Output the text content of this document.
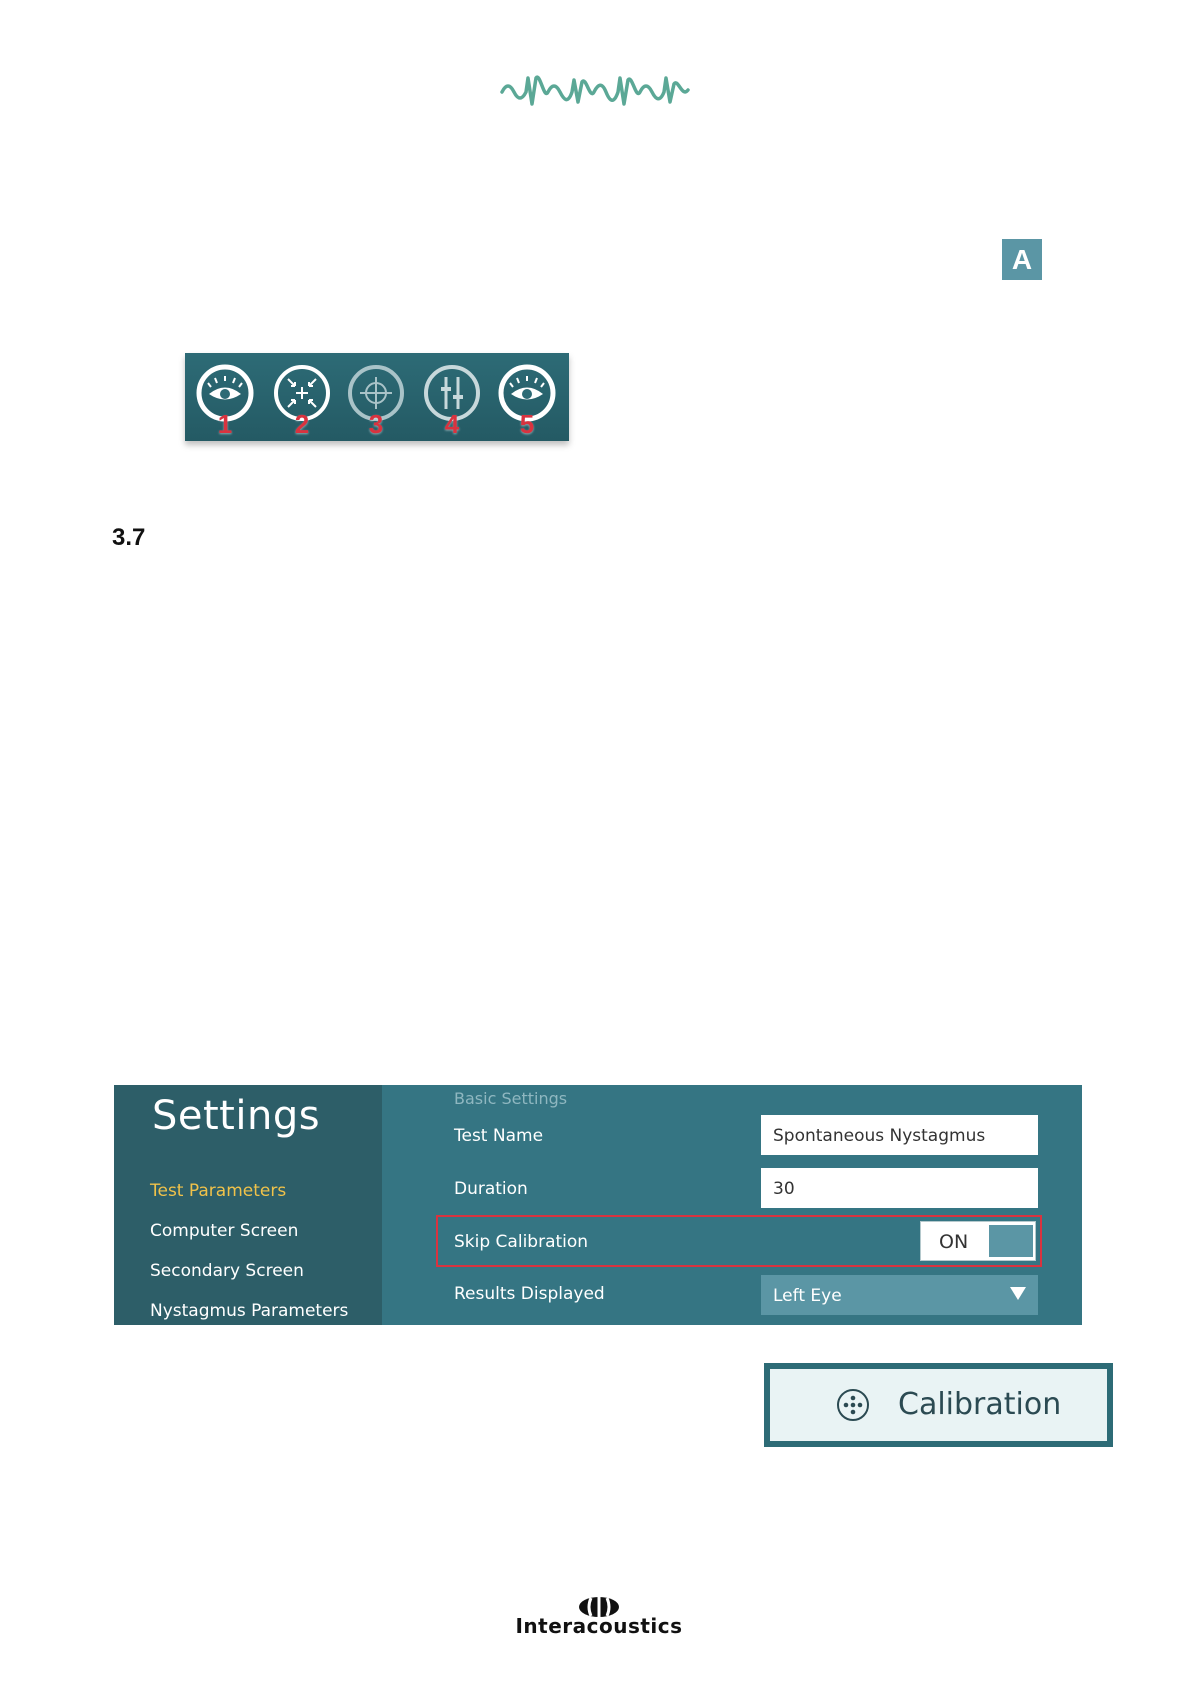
A
1	2	3	4	5
3.7
Settings
Test Parameters
Computer Screen
Secondary Screen
Nystagmus Parameters
Basic Settings
Test Name	Spontaneous Nystagmus
Duration	30
Skip Calibration	ON
Results Displayed	Left Eye
Calibration
Interacoustics
